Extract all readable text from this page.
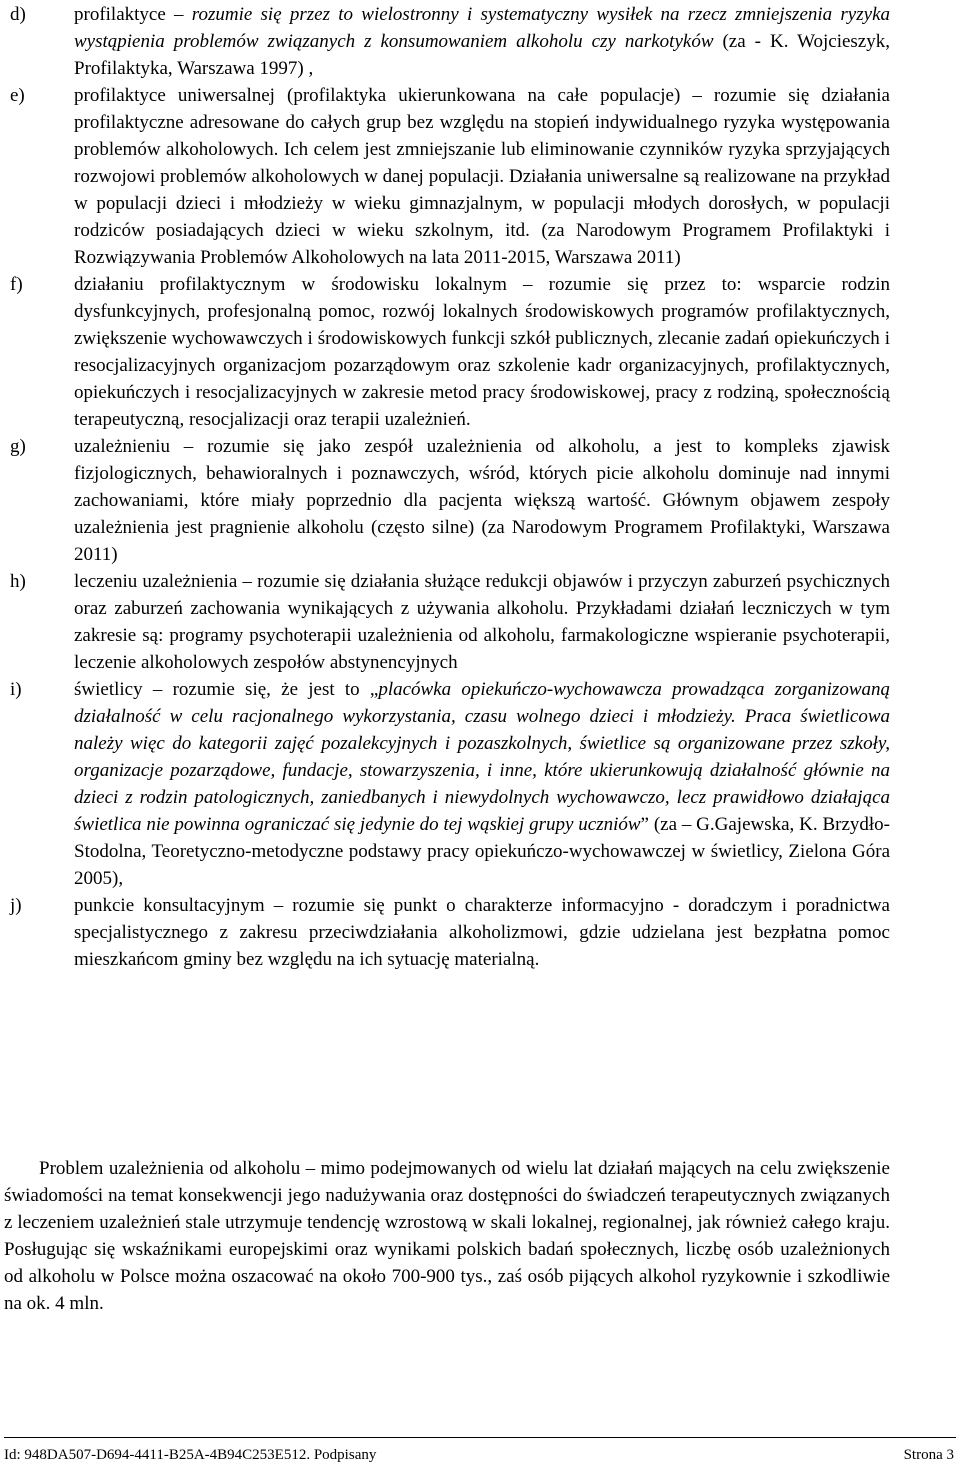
d)	profilaktyce – rozumie się przez to wielostronny i systematyczny wysiłek na rzecz zmniejszenia ryzyka wystąpienia problemów związanych z konsumowaniem alkoholu czy narkotyków (za - K. Wojcieszyk, Profilaktyka, Warszawa 1997) ,

e)	profilaktyce uniwersalnej (profilaktyka ukierunkowana na całe populacje) – rozumie się działania profilaktyczne adresowane do całych grup bez względu na stopień indywidualnego ryzyka występowania problemów alkoholowych. Ich celem jest zmniejszanie lub eliminowanie czynników ryzyka sprzyjających rozwojowi problemów alkoholowych w danej populacji. Działania uniwersalne są realizowane na przykład w populacji dzieci i młodzieży w wieku gimnazjalnym, w populacji młodych dorosłych, w populacji rodziców posiadających dzieci w wieku szkolnym, itd. (za Narodowym Programem Profilaktyki i Rozwiązywania Problemów Alkoholowych na lata 2011-2015, Warszawa 2011)

f)	działaniu profilaktycznym w środowisku lokalnym – rozumie się przez to: wsparcie rodzin dysfunkcyjnych, profesjonalną pomoc, rozwój lokalnych środowiskowych programów profilaktycznych, zwiększenie wychowawczych i środowiskowych funkcji szkół publicznych, zlecanie zadań opiekuńczych i resocjalizacyjnych organizacjom pozarządowym oraz szkolenie kadr organizacyjnych, profilaktycznych, opiekuńczych i resocjalizacyjnych w zakresie metod pracy środowiskowej, pracy z rodziną, społecznością terapeutyczną, resocjalizacji oraz terapii uzależnień.

g)	uzależnieniu – rozumie się jako zespół uzależnienia od alkoholu, a jest to kompleks zjawisk fizjologicznych, behawioralnych i poznawczych, wśród, których picie alkoholu dominuje nad innymi zachowaniami, które miały poprzednio dla pacjenta większą wartość. Głównym objawem zespoły uzależnienia jest pragnienie alkoholu (często silne) (za Narodowym Programem Profilaktyki, Warszawa 2011)

h)	leczeniu uzależnienia – rozumie się działania służące redukcji objawów i przyczyn zaburzeń psychicznych oraz zaburzeń zachowania wynikających z używania alkoholu. Przykładami działań leczniczych w tym zakresie są: programy psychoterapii uzależnienia od alkoholu, farmakologiczne wspieranie psychoterapii, leczenie alkoholowych zespołów abstynencyjnych

i)	świetlicy – rozumie się, że jest to „placówka opiekuńczo-wychowawcza prowadząca zorganizowaną działalność w celu racjonalnego wykorzystania, czasu wolnego dzieci i młodzieży. Praca świetlicowa należy więc do kategorii zajęć pozalekcyjnych i pozaszkolnych, świetlice są organizowane przez szkoły, organizacje pozarządowe, fundacje, stowarzyszenia, i inne, które ukierunkowują działalność głównie na dzieci z rodzin patologicznych, zaniedbanych i niewydolnych wychowawczo, lecz prawidłowo działająca świetlica nie powinna ograniczać się jedynie do tej wąskiej grupy uczniów” (za – G.Gajewska, K. Brzydło-Stodolna, Teoretyczno-metodyczne podstawy pracy opiekuńczo-wychowawczej w świetlicy, Zielona Góra 2005),

j)	punkcie konsultacyjnym – rozumie się punkt o charakterze informacyjno - doradczym i poradnictwa specjalistycznego z zakresu przeciwdziałania alkoholizmowi, gdzie udzielana jest bezpłatna pomoc mieszkańcom gminy bez względu na ich sytuację materialną.

Problem uzależnienia od alkoholu – mimo podejmowanych od wielu lat działań mających na celu zwiększenie świadomości na temat konsekwencji jego nadużywania oraz dostępności do świadczeń terapeutycznych związanych z leczeniem uzależnień stale utrzymuje tendencję wzrostową w skali lokalnej, regionalnej, jak również całego kraju. Posługując się wskaźnikami europejskimi oraz wynikami polskich badań społecznych, liczbę osób uzależnionych od alkoholu w Polsce można oszacować na około 700-900 tys., zaś osób pijących alkohol ryzykownie i szkodliwie na ok. 4 mln.

Id: 948DA507-D694-4411-B25A-4B94C253E512. Podpisany	Strona 3
